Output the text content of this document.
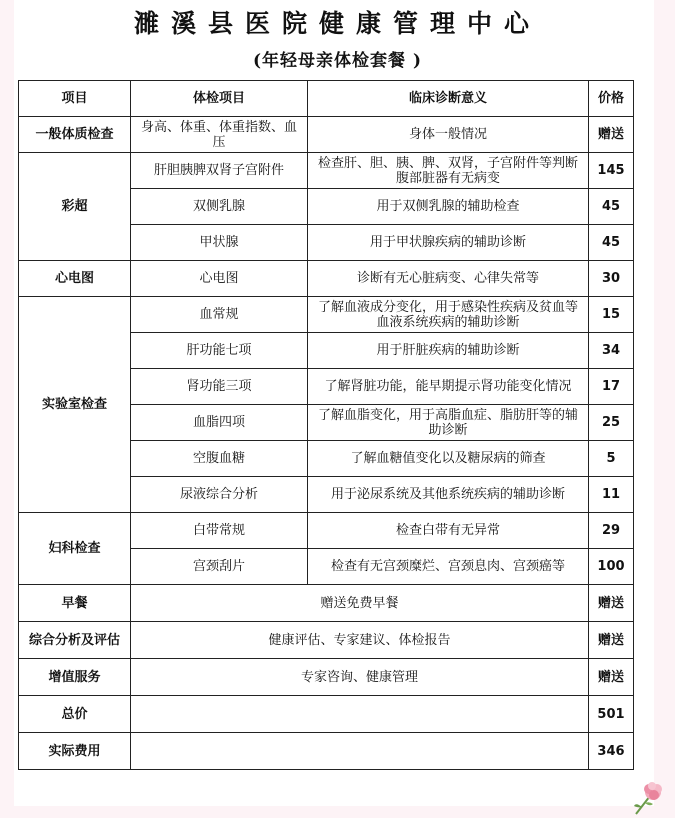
濉溪县医院健康管理中心
(年轻母亲体检套餐 )
项目	体检项目	临床诊断意义	价格
一般体质检查	身高、体重、体重指数、血压	身体一般情况	赠送
彩超	肝胆胰脾双肾子宫附件	检查肝、胆、胰、脾、双肾，子宫附件等判断腹部脏器有无病变	145
	双侧乳腺	用于双侧乳腺的辅助检查	45
	甲状腺	用于甲状腺疾病的辅助诊断	45
心电图	心电图	诊断有无心脏病变、心律失常等	30
实验室检查	血常规	了解血液成分变化，用于感染性疾病及贫血等血液系统疾病的辅助诊断	15
	肝功能七项	用于肝脏疾病的辅助诊断	34
	肾功能三项	了解肾脏功能，能早期提示肾功能变化情况	17
	血脂四项	了解血脂变化，用于高脂血症、脂肪肝等的辅助诊断	25
	空腹血糖	了解血糖值变化以及糖尿病的筛查	5
	尿液综合分析	用于泌尿系统及其他系统疾病的辅助诊断	11
妇科检查	白带常规	检查白带有无异常	29
	宫颈刮片	检查有无宫颈糜烂、宫颈息肉、宫颈癌等	100
早餐	赠送免费早餐		赠送
综合分析及评估	健康评估、专家建议、体检报告		赠送
增值服务	专家咨询、健康管理		赠送
总价			501
实际费用			346
